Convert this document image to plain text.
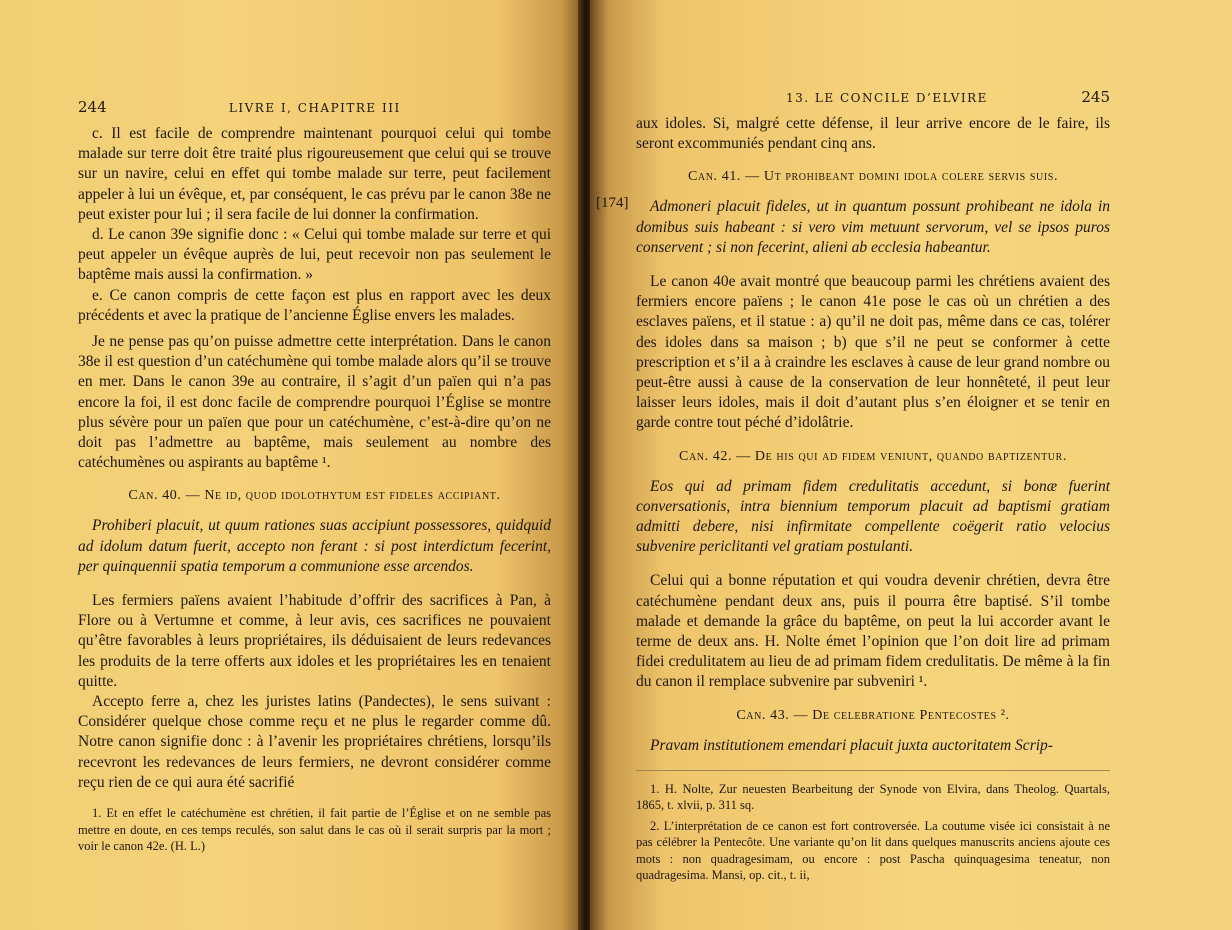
244	LIVRE I, CHAPITRE III

c. Il est facile de comprendre maintenant pourquoi celui qui tombe malade sur terre doit être traité plus rigoureusement que celui qui se trouve sur un navire, celui en effet qui tombe malade sur terre, peut facilement appeler à lui un évêque, et, par conséquent, le cas prévu par le canon 38e ne peut exister pour lui ; il sera facile de lui donner la confirmation.

d. Le canon 39e signifie donc : « Celui qui tombe malade sur terre et qui peut appeler un évêque auprès de lui, peut recevoir non pas seulement le baptême mais aussi la confirmation. »

e. Ce canon compris de cette façon est plus en rapport avec les deux précédents et avec la pratique de l’ancienne Église envers les malades.

Je ne pense pas qu’on puisse admettre cette interprétation. Dans le canon 38e il est question d’un catéchumène qui tombe malade alors qu’il se trouve en mer. Dans le canon 39e au contraire, il s’agit d’un païen qui n’a pas encore la foi, il est donc facile de comprendre pourquoi l’Église se montre plus sévère pour un païen que pour un catéchumène, c’est-à-dire qu’on ne doit pas l’admettre au baptême, mais seulement au nombre des catéchumènes ou aspirants au baptême ¹.

Can. 40. — Ne id, quod idolothytum est fideles accipiant.

Prohiberi placuit, ut quum rationes suas accipiunt possessores, quidquid ad idolum datum fuerit, accepto non ferant : si post interdictum fecerint, per quinquennii spatia temporum a communione esse arcendos.

Les fermiers païens avaient l’habitude d’offrir des sacrifices à Pan, à Flore ou à Vertumne et comme, à leur avis, ces sacrifices ne pouvaient qu’être favorables à leurs propriétaires, ils déduisaient de leurs redevances les produits de la terre offerts aux idoles et les propriétaires les en tenaient quitte.

Accepto ferre a, chez les juristes latins (Pandectes), le sens suivant : Considérer quelque chose comme reçu et ne plus le regarder comme dû. Notre canon signifie donc : à l’avenir les propriétaires chrétiens, lorsqu’ils recevront les redevances de leurs fermiers, ne devront considérer comme reçu rien de ce qui aura été sacrifié

1. Et en effet le catéchumène est chrétien, il fait partie de l’Église et on ne semble pas mettre en doute, en ces temps reculés, son salut dans le cas où il serait surpris par la mort ; voir le canon 42e. (H. L.)

13. LE CONCILE D’ELVIRE	245

aux idoles. Si, malgré cette défense, il leur arrive encore de le faire, ils seront excommuniés pendant cinq ans.

Can. 41. — Ut prohibeant domini idola colere servis suis.
[174]	Admoneri placuit fideles, ut in quantum possunt prohibeant ne idola in domibus suis habeant : si vero vim metuunt servorum, vel se ipsos puros conservent ; si non fecerint, alieni ab ecclesia habeantur.

Le canon 40e avait montré que beaucoup parmi les chrétiens avaient des fermiers encore païens ; le canon 41e pose le cas où un chrétien a des esclaves païens, et il statue : a) qu’il ne doit pas, même dans ce cas, tolérer des idoles dans sa maison ; b) que s’il ne peut se conformer à cette prescription et s’il a à craindre les esclaves à cause de leur grand nombre ou peut-être aussi à cause de la conservation de leur honnêteté, il peut leur laisser leurs idoles, mais il doit d’autant plus s’en éloigner et se tenir en garde contre tout péché d’idolâtrie.

Can. 42. — De his qui ad fidem veniunt, quando baptizentur.

Eos qui ad primam fidem credulitatis accedunt, si bonæ fuerint conversationis, intra biennium temporum placuit ad baptismi gratiam admitti debere, nisi infirmitate compellente coëgerit ratio velocius subvenire periclitanti vel gratiam postulanti.

Celui qui a bonne réputation et qui voudra devenir chrétien, devra être catéchumène pendant deux ans, puis il pourra être baptisé. S’il tombe malade et demande la grâce du baptême, on peut la lui accorder avant le terme de deux ans. H. Nolte émet l’opinion que l’on doit lire ad primam fidei credulitatem au lieu de ad primam fidem credulitatis. De même à la fin du canon il remplace subvenire par subveniri ¹.

Can. 43. — De celebratione Pentecostes ².

Pravam institutionem emendari placuit juxta auctoritatem Scrip-

1. H. Nolte, Zur neuesten Bearbeitung der Synode von Elvira, dans Theolog. Quartals, 1865, t. xlvii, p. 311 sq.

2. L’interprétation de ce canon est fort controversée. La coutume visée ici consistait à ne pas célébrer la Pentecôte. Une variante qu’on lit dans quelques manuscrits anciens ajoute ces mots : non quadragesimam, ou encore : post Pascha quinquagesima teneatur, non quadragesima. Mansi, op. cit., t. ii,
